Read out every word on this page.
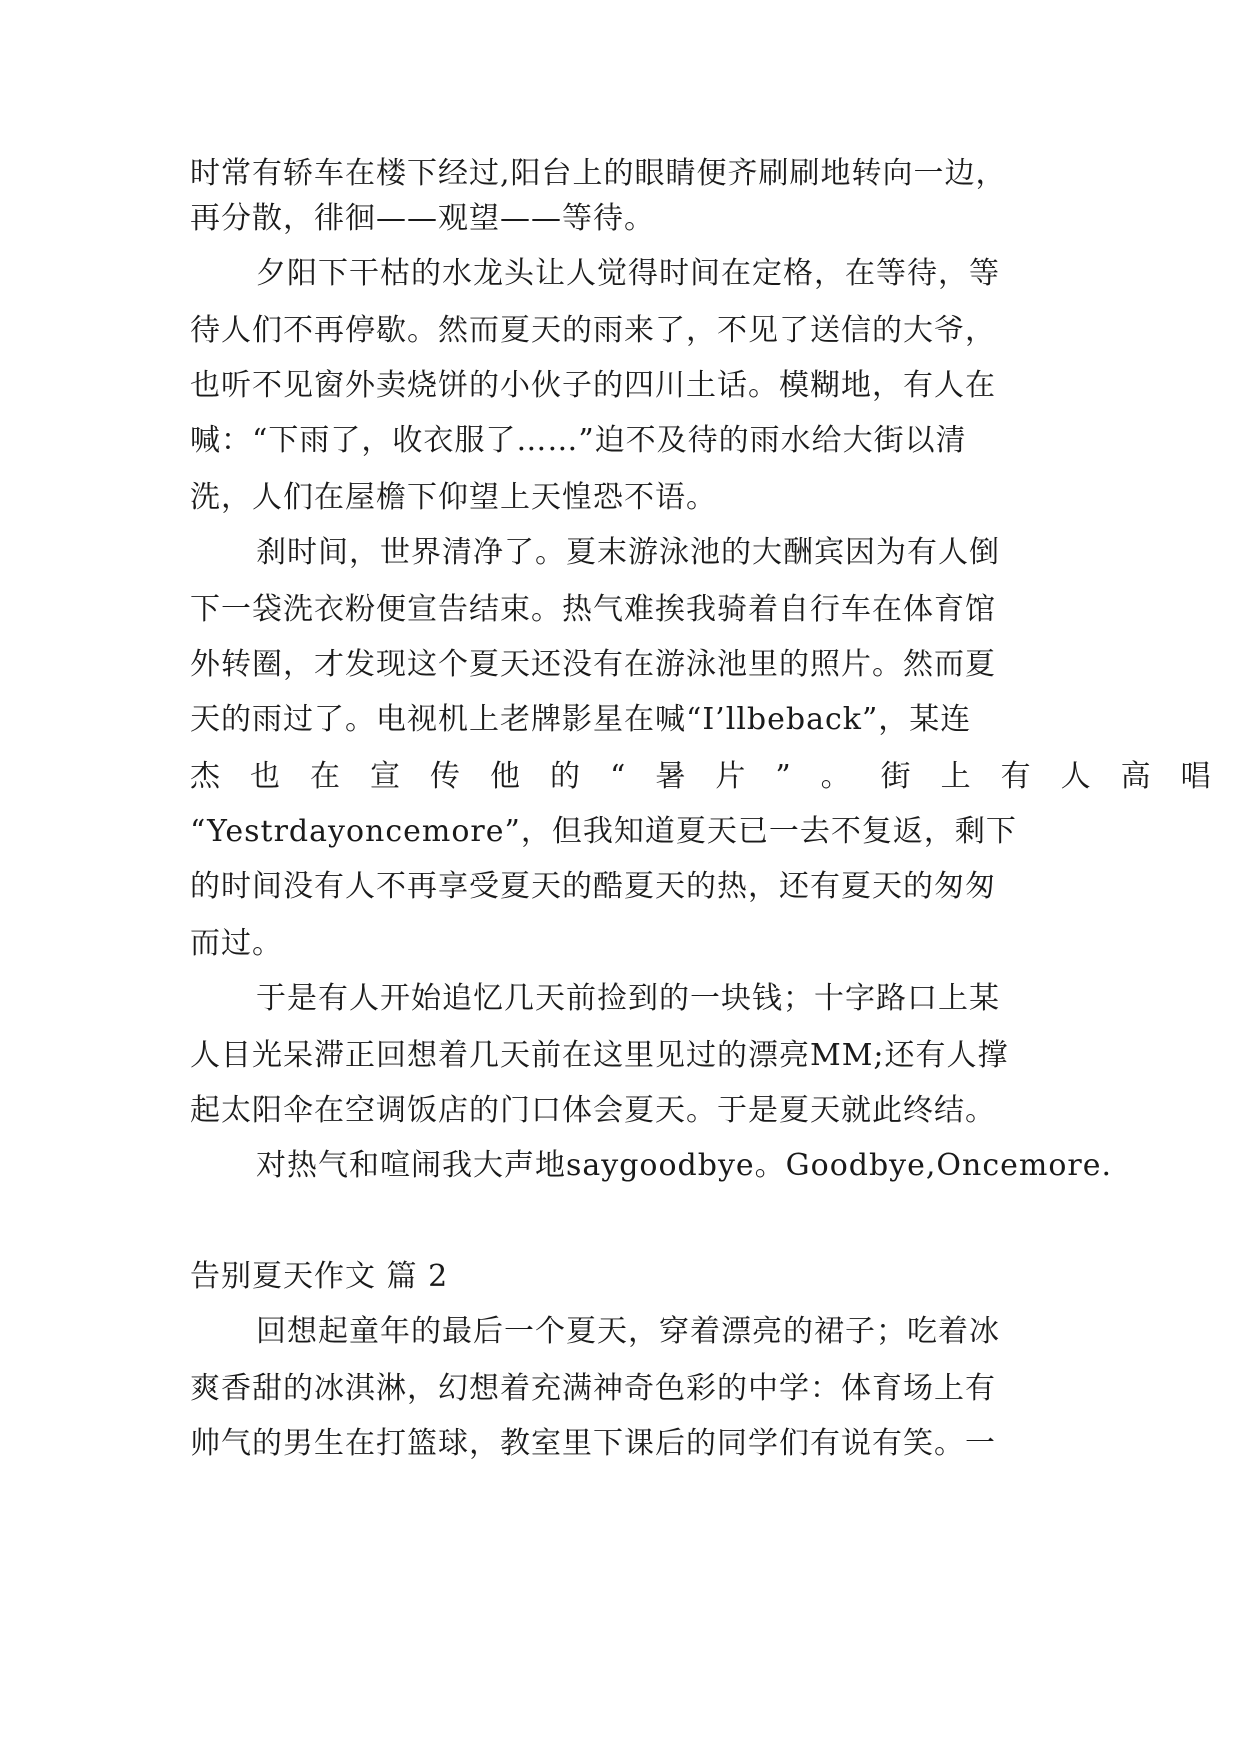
时常有轿车在楼下经过,阳台上的眼睛便齐刷刷地转向一边，
再分散，徘徊——观望——等待。
夕阳下干枯的水龙头让人觉得时间在定格，在等待，等
待人们不再停歇。然而夏天的雨来了，不见了送信的大爷，
也听不见窗外卖烧饼的小伙子的四川土话。模糊地，有人在
喊：“下雨了，收衣服了……”迫不及待的雨水给大街以清
洗，人们在屋檐下仰望上天惶恐不语。
刹时间，世界清净了。夏末游泳池的大酬宾因为有人倒
下一袋洗衣粉便宣告结束。热气难挨我骑着自行车在体育馆
外转圈，才发现这个夏天还没有在游泳池里的照片。然而夏
天的雨过了。电视机上老牌影星在喊“I’llbeback”，某连
杰也在宣传他的“暑片”。街上有人高唱
“Yestrdayoncemore”，但我知道夏天已一去不复返，剩下
的时间没有人不再享受夏天的酷夏天的热，还有夏天的匆匆
而过。
于是有人开始追忆几天前捡到的一块钱；十字路口上某
人目光呆滞正回想着几天前在这里见过的漂亮MM;还有人撑
起太阳伞在空调饭店的门口体会夏天。于是夏天就此终结。
对热气和喧闹我大声地saygoodbye。Goodbye,Oncemore.
告别夏天作文 篇 2
回想起童年的最后一个夏天，穿着漂亮的裙子；吃着冰
爽香甜的冰淇淋，幻想着充满神奇色彩的中学：体育场上有
帅气的男生在打篮球，教室里下课后的同学们有说有笑。一
